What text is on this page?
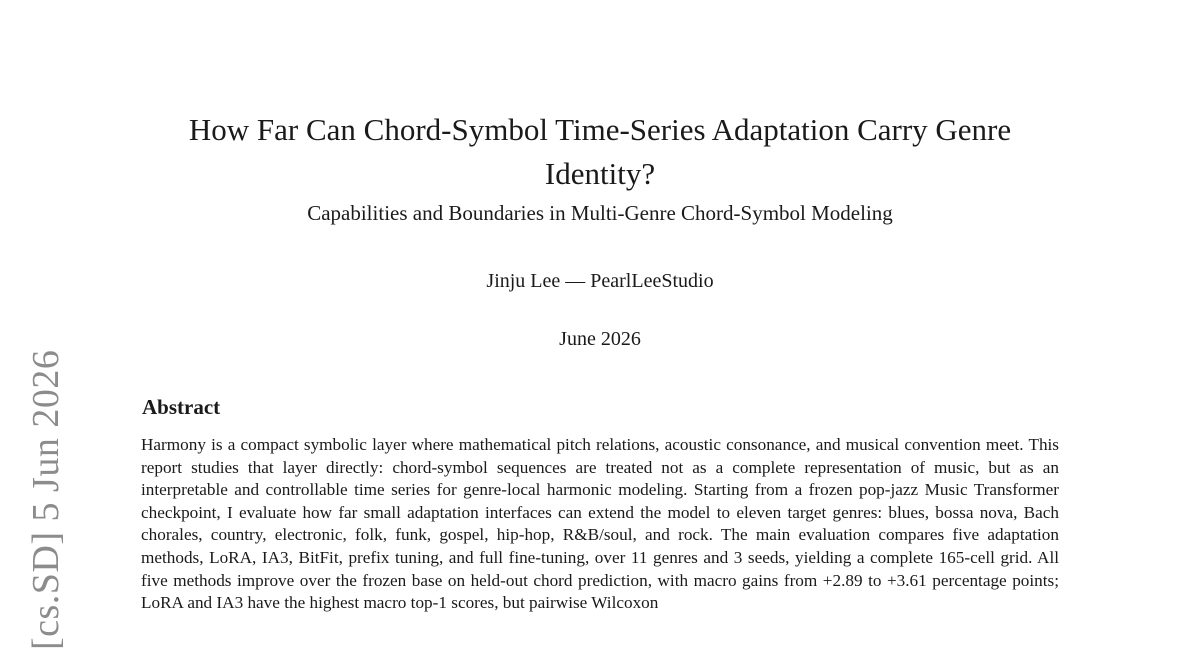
[cs.SD] 5 Jun 2026
How Far Can Chord-Symbol Time-Series Adaptation Carry Genre Identity?
Capabilities and Boundaries in Multi-Genre Chord-Symbol Modeling
Jinju Lee — PearlLeeStudio
June 2026
Abstract

Harmony is a compact symbolic layer where mathematical pitch relations, acoustic consonance, and musical convention meet. This report studies that layer directly: chord-symbol sequences are treated not as a complete representation of music, but as an interpretable and controllable time series for genre-local harmonic modeling. Starting from a frozen pop-jazz Music Transformer checkpoint, I evaluate how far small adaptation interfaces can extend the model to eleven target genres: blues, bossa nova, Bach chorales, country, electronic, folk, funk, gospel, hip-hop, R&B/soul, and rock. The main evaluation compares five adaptation methods, LoRA, IA3, BitFit, prefix tuning, and full fine-tuning, over 11 genres and 3 seeds, yielding a complete 165-cell grid. All five methods improve over the frozen base on held-out chord prediction, with macro gains from +2.89 to +3.61 percentage points; LoRA and IA3 have the highest macro top-1 scores, but pairwise Wilcoxon
